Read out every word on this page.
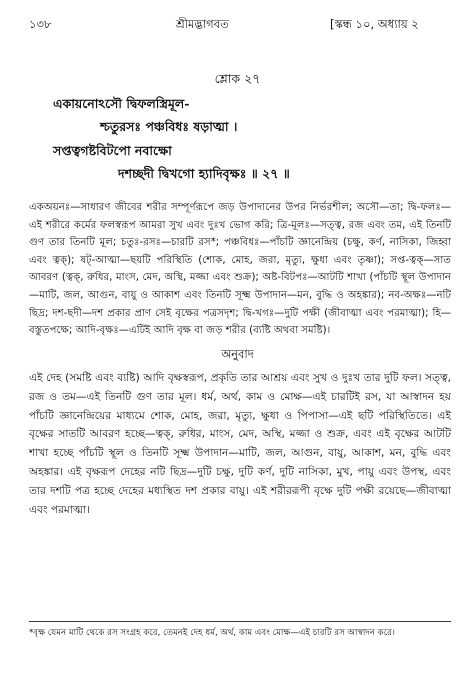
১৩৮	শ্রীমদ্ভাগবত	[স্কন্ধ ১০, অধ্যায় ২
শ্লোক ২৭
একায়নোঽসৌ দ্বিফলস্ত্রিমূল-
শ্চতুরসঃ পঞ্চবিধঃ ষড়াত্মা ।
সপ্তত্বগষ্টবিটপো নবাক্ষো
দশচ্ছদী দ্বিখগো হ্যাদিবৃক্ষঃ ॥ ২৭ ॥
একঅয়নঃ—সাধারণ জীবের শরীর সম্পূর্ণরূপে জড় উপাদানের উপর নির্ভরশীল; অসৌ—তা; দ্বি-ফলঃ—এই শরীরে কর্মের ফলস্বরূপ আমরা সুখ এবং দুঃখ ভোগ করি; ত্রি-মূলঃ—সত্ত্ব, রজ এবং তম, এই তিনটি গুণ তার তিনটি মূল; চতুঃ-রসঃ—চারটি রস*; পঞ্চবিধঃ—পাঁচটি জ্ঞানেন্দ্রিয় (চক্ষু, কর্ণ, নাসিকা, জিহ্বা এবং ত্বক্); ষট্-আত্মা—ছয়টি পরিস্থিতি (শোক, মোহ, জরা, মৃত্যু, ক্ষুধা এবং তৃষ্ণা); সপ্ত-ত্বক্—সাত আবরণ (ত্বক্, রুধির, মাংস, মেদ, অস্থি, মজ্জা এবং শুক্র); অষ্ট-বিটপঃ—আটটি শাখা (পাঁচটি স্থূল উপাদান—মাটি, জল, আগুন, বায়ু ও আকাশ এবং তিনটি সূক্ষ্ম উপাদান—মন, বুদ্ধি ও অহঙ্কার); নব-অক্ষঃ—নটি ছিদ্র; দশ-ছদী—দশ প্রকার প্রাণ সেই বৃক্ষের পত্রসদৃশ; দ্বি-খগঃ—দুটি পক্ষী (জীবাত্মা এবং পরমাত্মা); হি—বস্তুতপক্ষে; আদি-বৃক্ষঃ—এটিই আদি বৃক্ষ বা জড় শরীর (ব্যষ্টি অথবা সমষ্টি)।
অনুবাদ
এই দেহ (সমষ্টি এবং ব্যষ্টি) আদি বৃক্ষস্বরূপ, প্রকৃতি তার আশ্রয় এবং সুখ ও দুঃখ তার দুটি ফল। সত্ত্ব, রজ ও তম—এই তিনটি গুণ তার মূল। ধর্ম, অর্থ, কাম ও মোক্ষ—এই চারটিই রস, যা আস্বাদন হয় পাঁচটি জ্ঞানেন্দ্রিয়ের মাধ্যমে শোক, মোহ, জরা, মৃত্যু, ক্ষুধা ও পিপাসা—এই ছটি পরিস্থিতিতে। এই বৃক্ষের সাতটি আবরণ হচ্ছে—ত্বক্, রুধির, মাংস, মেদ, অস্থি, মজ্জা ও শুক্র, এবং এই বৃক্ষের আটটি শাখা হচ্ছে পাঁচটি স্থূল ও তিনটি সূক্ষ্ম উপাদান—মাটি, জল, আগুন, বায়ু, আকাশ, মন, বুদ্ধি এবং অহঙ্কার। এই বৃক্ষরূপ দেহের নটি ছিদ্র—দুটি চক্ষু, দুটি কর্ণ, দুটি নাসিকা, মুখ, পায়ু এবং উপস্থ, এবং তার দশটি পত্র হচ্ছে দেহের মধ্যস্থিত দশ প্রকার বায়ু। এই শরীররূপী বৃক্ষে দুটি পক্ষী রয়েছে—জীবাত্মা এবং পরমাত্মা।
*বৃক্ষ যেমন মাটি থেকে রস সংগ্রহ করে, তেমনই দেহ ধর্ম, অর্থ, কাম এবং মোক্ষ—এই চারটি রস আস্বাদন করে।
